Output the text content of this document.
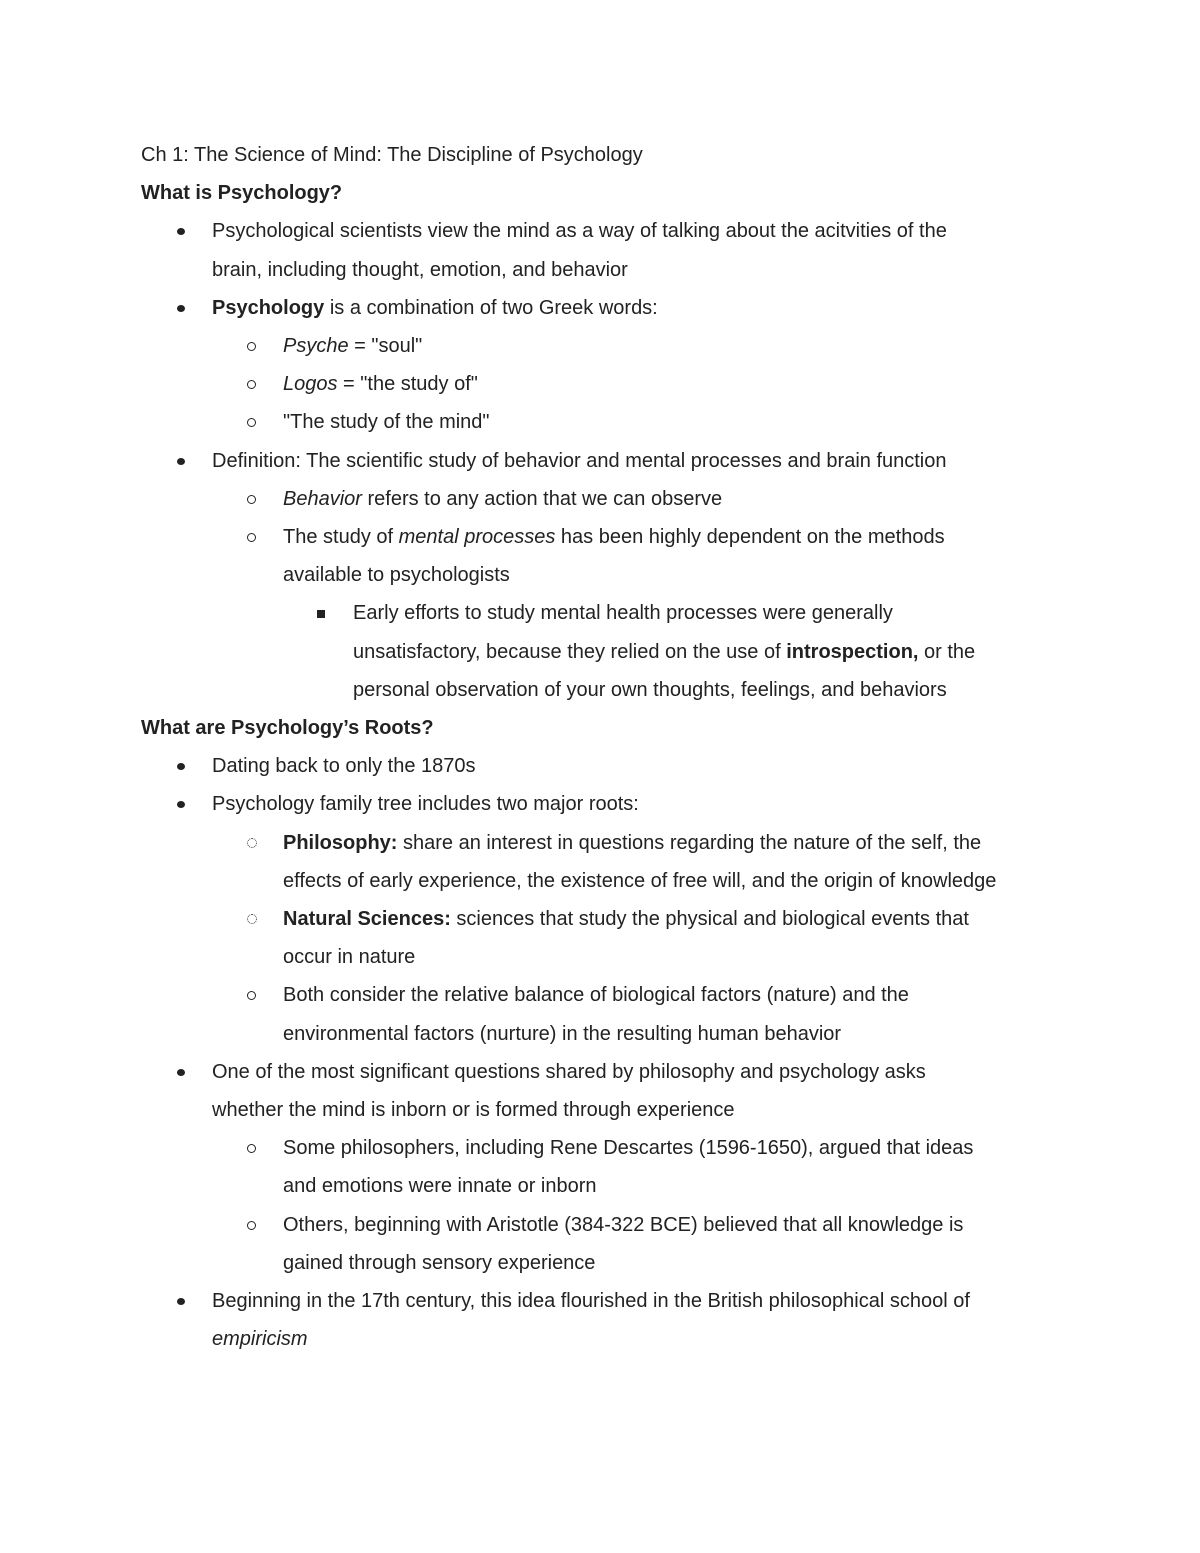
Ch 1: The Science of Mind: The Discipline of Psychology
What is Psychology?
Psychological scientists view the mind as a way of talking about the acitvities of the
brain, including thought, emotion, and behavior
Psychology is a combination of two Greek words:
Psyche = "soul"
Logos = "the study of"
"The study of the mind"
Definition: The scientific study of behavior and mental processes and brain function
Behavior refers to any action that we can observe
The study of mental processes has been highly dependent on the methods
available to psychologists
Early efforts to study mental health processes were generally
unsatisfactory, because they relied on the use of introspection, or the
personal observation of your own thoughts, feelings, and behaviors
What are Psychology’s Roots?
Dating back to only the 1870s
Psychology family tree includes two major roots:
Philosophy: share an interest in questions regarding the nature of the self, the
effects of early experience, the existence of free will, and the origin of knowledge
Natural Sciences: sciences that study the physical and biological events that
occur in nature
Both consider the relative balance of biological factors (nature) and the
environmental factors (nurture) in the resulting human behavior
One of the most significant questions shared by philosophy and psychology asks
whether the mind is inborn or is formed through experience
Some philosophers, including Rene Descartes (1596-1650), argued that ideas
and emotions were innate or inborn
Others, beginning with Aristotle (384-322 BCE) believed that all knowledge is
gained through sensory experience
Beginning in the 17th century, this idea flourished in the British philosophical school of
empiricism
